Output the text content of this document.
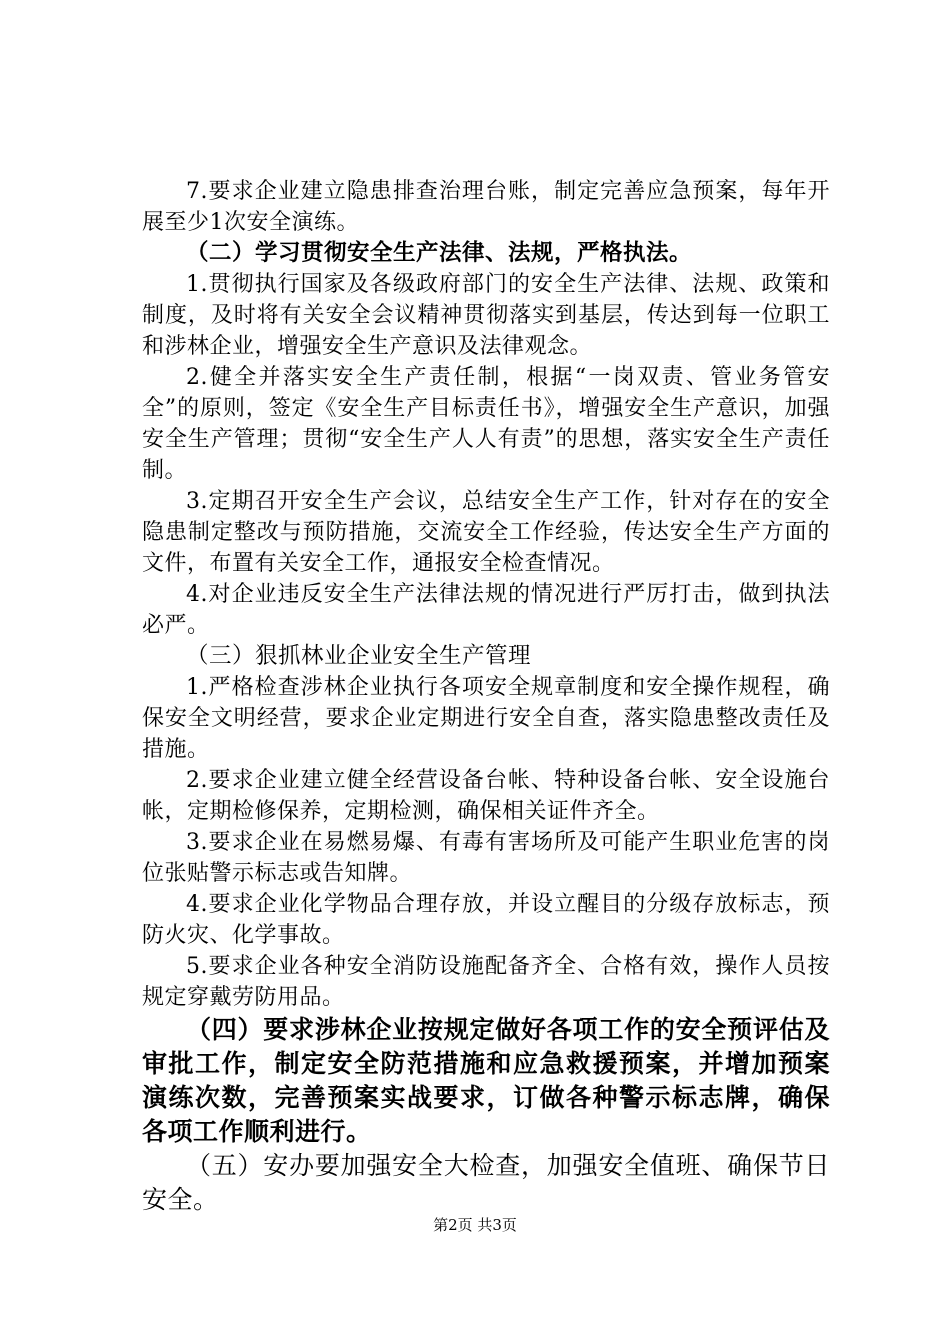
7.要求企业建立隐患排查治理台账，制定完善应急预案，每年开展至少1次安全演练。

（二）学习贯彻安全生产法律、法规，严格执法。

1.贯彻执行国家及各级政府部门的安全生产法律、法规、政策和制度，及时将有关安全会议精神贯彻落实到基层，传达到每一位职工和涉林企业，增强安全生产意识及法律观念。

2.健全并落实安全生产责任制，根据“一岗双责、管业务管安全”的原则，签定《安全生产目标责任书》，增强安全生产意识，加强安全生产管理；贯彻“安全生产人人有责”的思想，落实安全生产责任制。

3.定期召开安全生产会议，总结安全生产工作，针对存在的安全隐患制定整改与预防措施，交流安全工作经验，传达安全生产方面的文件，布置有关安全工作，通报安全检查情况。

4.对企业违反安全生产法律法规的情况进行严厉打击，做到执法必严。

（三）狠抓林业企业安全生产管理

1.严格检查涉林企业执行各项安全规章制度和安全操作规程，确保安全文明经营，要求企业定期进行安全自查，落实隐患整改责任及措施。

2.要求企业建立健全经营设备台帐、特种设备台帐、安全设施台帐，定期检修保养，定期检测，确保相关证件齐全。

3.要求企业在易燃易爆、有毒有害场所及可能产生职业危害的岗位张贴警示标志或告知牌。

4.要求企业化学物品合理存放，并设立醒目的分级存放标志，预防火灾、化学事故。

5.要求企业各种安全消防设施配备齐全、合格有效，操作人员按规定穿戴劳防用品。

（四）要求涉林企业按规定做好各项工作的安全预评估及审批工作，制定安全防范措施和应急救援预案，并增加预案演练次数，完善预案实战要求，订做各种警示标志牌，确保各项工作顺利进行。

（五）安办要加强安全大检查，加强安全值班、确保节日安全。

第2页 共3页
